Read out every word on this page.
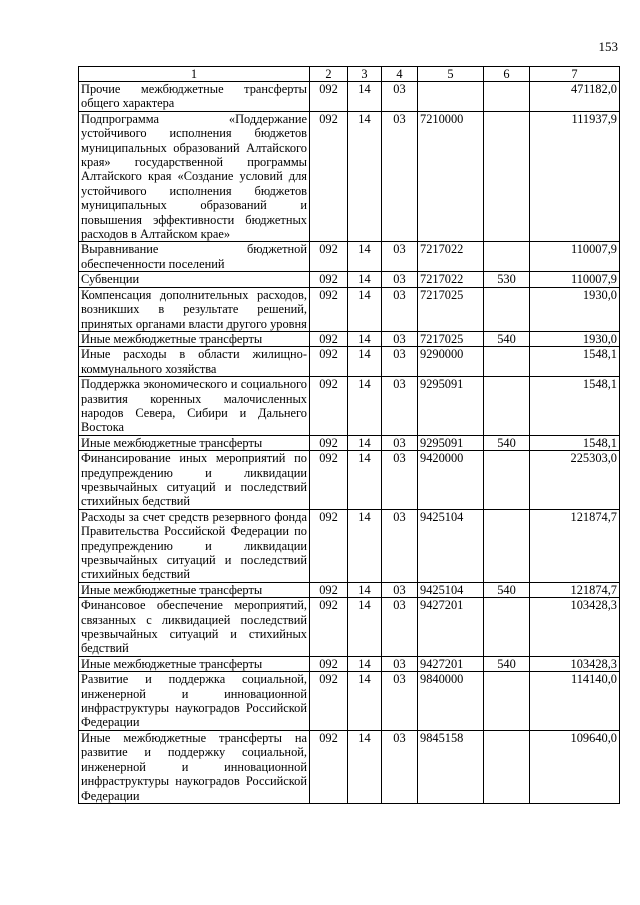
153
1	2	3	4	5	6	7
Прочие межбюджетные трансферты общего характера	092	14	03			471182,0
Подпрограмма «Поддержание устойчивого исполнения бюджетов муниципальных образований Алтайского края» государственной программы Алтайского края «Создание условий для устойчивого исполнения бюджетов муниципальных образований и повышения эффективности бюджетных расходов в Алтайском крае»	092	14	03	7210000		111937,9
Выравнивание бюджетной обеспеченности поселений	092	14	03	7217022		110007,9
Субвенции	092	14	03	7217022	530	110007,9
Компенсация дополнительных расходов, возникших в результате решений, принятых органами власти другого уровня	092	14	03	7217025		1930,0
Иные межбюджетные трансферты	092	14	03	7217025	540	1930,0
Иные расходы в области жилищно-коммунального хозяйства	092	14	03	9290000		1548,1
Поддержка экономического и социального развития коренных малочисленных народов Севера, Сибири и Дальнего Востока	092	14	03	9295091		1548,1
Иные межбюджетные трансферты	092	14	03	9295091	540	1548,1
Финансирование иных мероприятий по предупреждению и ликвидации чрезвычайных ситуаций и последствий стихийных бедствий	092	14	03	9420000		225303,0
Расходы за счет средств резервного фонда Правительства Российской Федерации по предупреждению и ликвидации чрезвычайных ситуаций и последствий стихийных бедствий	092	14	03	9425104		121874,7
Иные межбюджетные трансферты	092	14	03	9425104	540	121874,7
Финансовое обеспечение мероприятий, связанных с ликвидацией последствий чрезвычайных ситуаций и стихийных бедствий	092	14	03	9427201		103428,3
Иные межбюджетные трансферты	092	14	03	9427201	540	103428,3
Развитие и поддержка социальной, инженерной и инновационной инфраструктуры наукоградов Российской Федерации	092	14	03	9840000		114140,0
Иные межбюджетные трансферты на развитие и поддержку социальной, инженерной и инновационной инфраструктуры наукоградов Российской Федерации	092	14	03	9845158		109640,0
